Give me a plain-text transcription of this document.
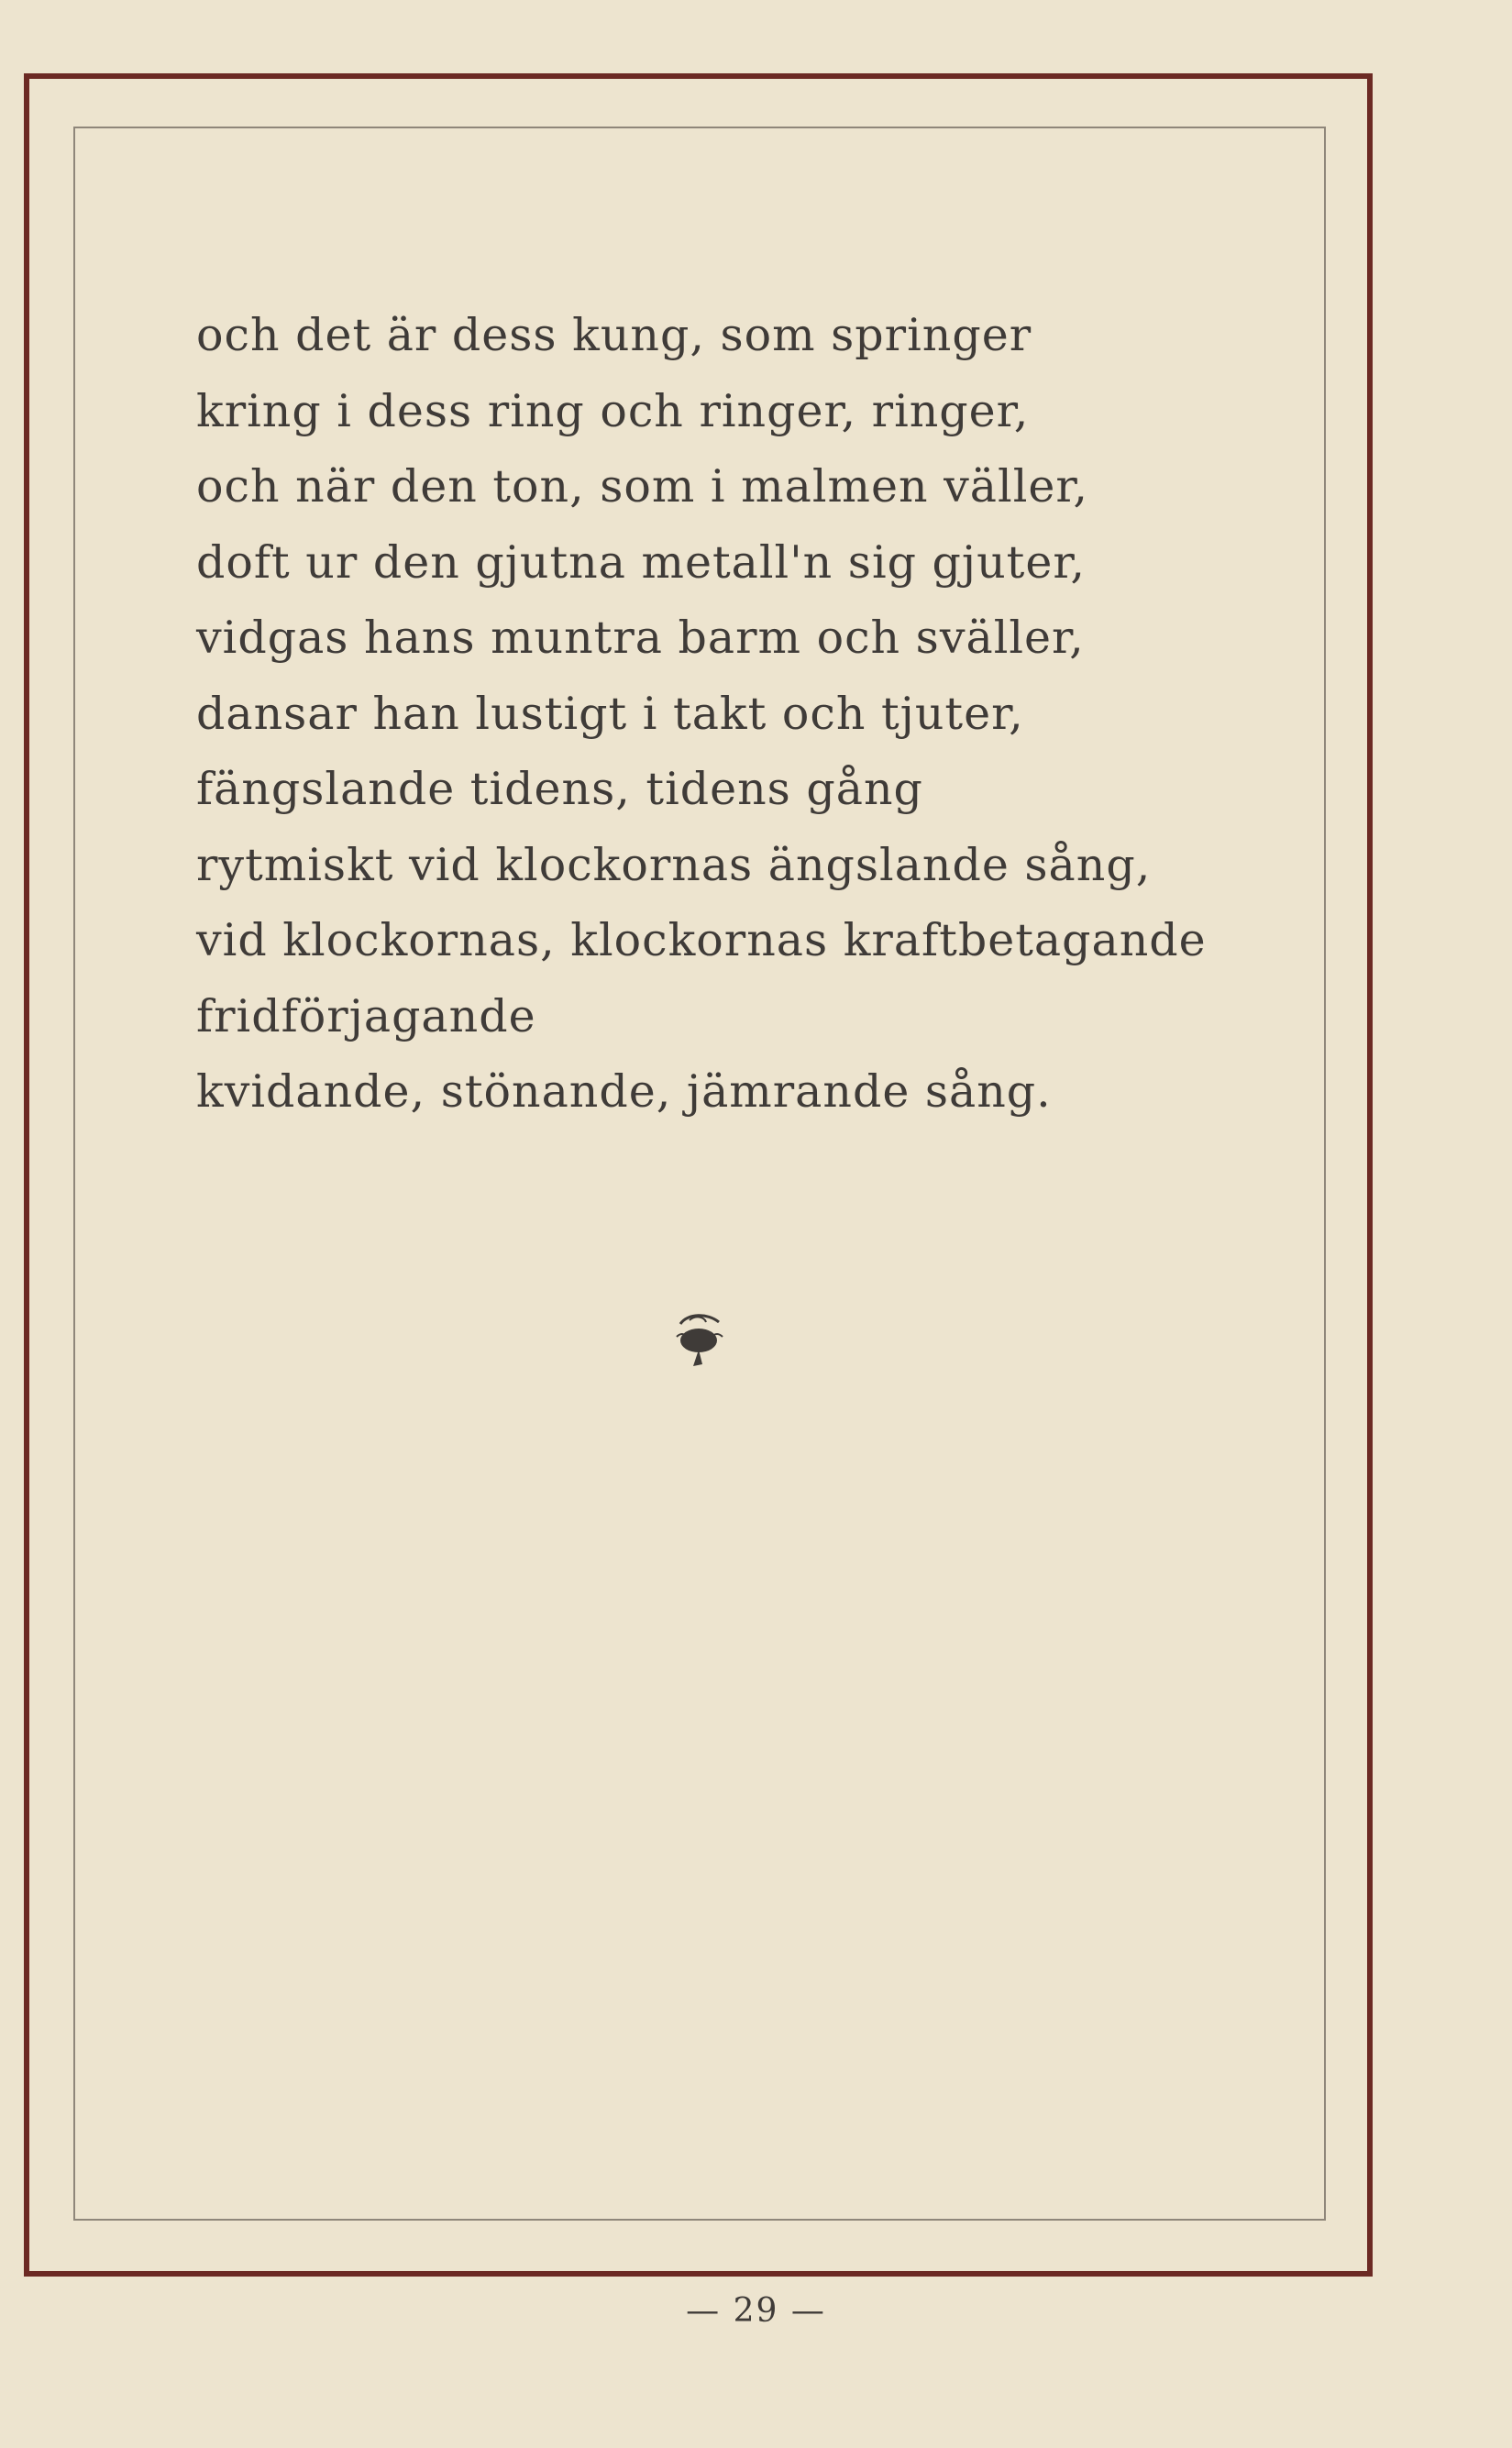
och det är dess kung, som springer
kring i dess ring och ringer, ringer,
och när den ton, som i malmen väller,
doft ur den gjutna metall'n sig gjuter,
vidgas hans muntra barm och sväller,
dansar han lustigt i takt och tjuter,
fängslande tidens, tidens gång
rytmiskt vid klockornas ängslande sång,
vid klockornas, klockornas kraftbetagande
fridförjagande
kvidande, stönande, jämrande sång.
— 29 —
